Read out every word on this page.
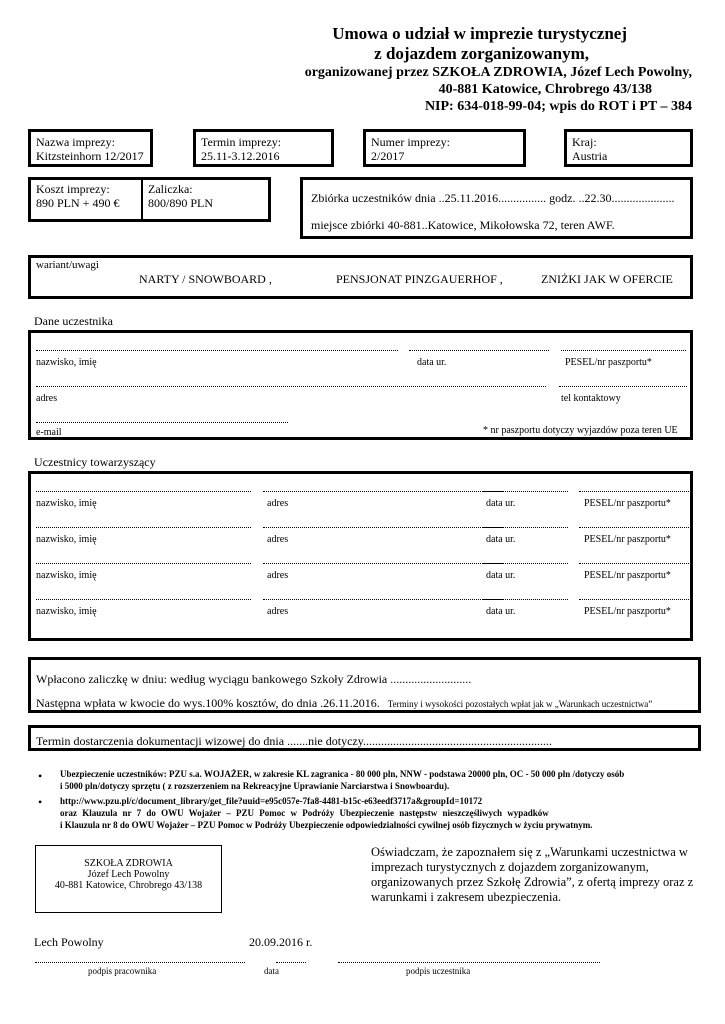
Umowa o udział w imprezie turystycznej
z dojazdem zorganizowanym,
organizowanej przez SZKOŁA ZDROWIA, Józef Lech Powolny,
40-881 Katowice, Chrobrego 43/138
NIP: 634-018-99-04; wpis do ROT i PT – 384
Nazwa imprezy:
Kitzsteinhorn 12/2017
Termin imprezy:
25.11-3.12.2016
Numer imprezy:
2/2017
Kraj:
Austria
Koszt imprezy:
890 PLN + 490 €
Zaliczka:
800/890 PLN	Zbiórka uczestników dnia ..25.11.2016................ godz. ..22.30.....................
miejsce zbiórki 40-881..Katowice, Mikołowska 72, teren AWF.
wariant/uwagi
NARTY / SNOWBOARD ,	PENSJONAT PINZGAUERHOF ,	ZNIŻKI JAK W OFERCIE
Dane uczestnika
nazwisko, imię	data ur.	PESEL/nr paszportu*
adres	tel kontaktowy
e-mail	* nr paszportu dotyczy wyjazdów poza teren UE
Uczestnicy towarzyszący
nazwisko, imię	adres	data ur.	PESEL/nr paszportu*
nazwisko, imię	adres	data ur.	PESEL/nr paszportu*
nazwisko, imię	adres	data ur.	PESEL/nr paszportu*
nazwisko, imię	adres	data ur.	PESEL/nr paszportu*
Wpłacono zaliczkę w dniu: według wyciągu bankowego Szkoły Zdrowia ...........................
Następna wpłata w kwocie do wys.100% kosztów, do dnia .26.11.2016. Terminy i wysokości pozostałych wpłat jak w „Warunkach uczestnictwa”
Termin dostarczenia dokumentacji wizowej do dnia .......nie dotyczy...............................................................
• Ubezpieczenie uczestników: PZU s.a. WOJAŻER, w zakresie KL zagranica - 80 000 pln, NNW - podstawa 20000 pln, OC - 50 000 pln /dotyczy osób
i 5000 pln/dotyczy sprzętu ( z rozszerzeniem na Rekreacyjne Uprawianie Narciarstwa i Snowboardu).
• http://www.pzu.pl/c/document_library/get_file?uuid=e95c057e-7fa8-4481-b15c-e63eedf3717a&groupId=10172
oraz Klauzula nr 7 do OWU Wojażer – PZU Pomoc w Podróży Ubezpieczenie następstw nieszczęśliwych wypadków
i Klauzula nr 8 do OWU Wojażer – PZU Pomoc w Podróży Ubezpieczenie odpowiedzialności cywilnej osób fizycznych w życiu prywatnym.
SZKOŁA ZDROWIA
Józef Lech Powolny
40-881 Katowice, Chrobrego 43/138
Oświadczam, że zapoznałem się z „Warunkami uczestnictwa w imprezach turystycznych z dojazdem zorganizowanym, organizowanych przez Szkołę Zdrowia”, z ofertą imprezy oraz z warunkami i zakresem ubezpieczenia.
Lech Powolny	20.09.2016 r.
podpis pracownika	data	podpis uczestnika
